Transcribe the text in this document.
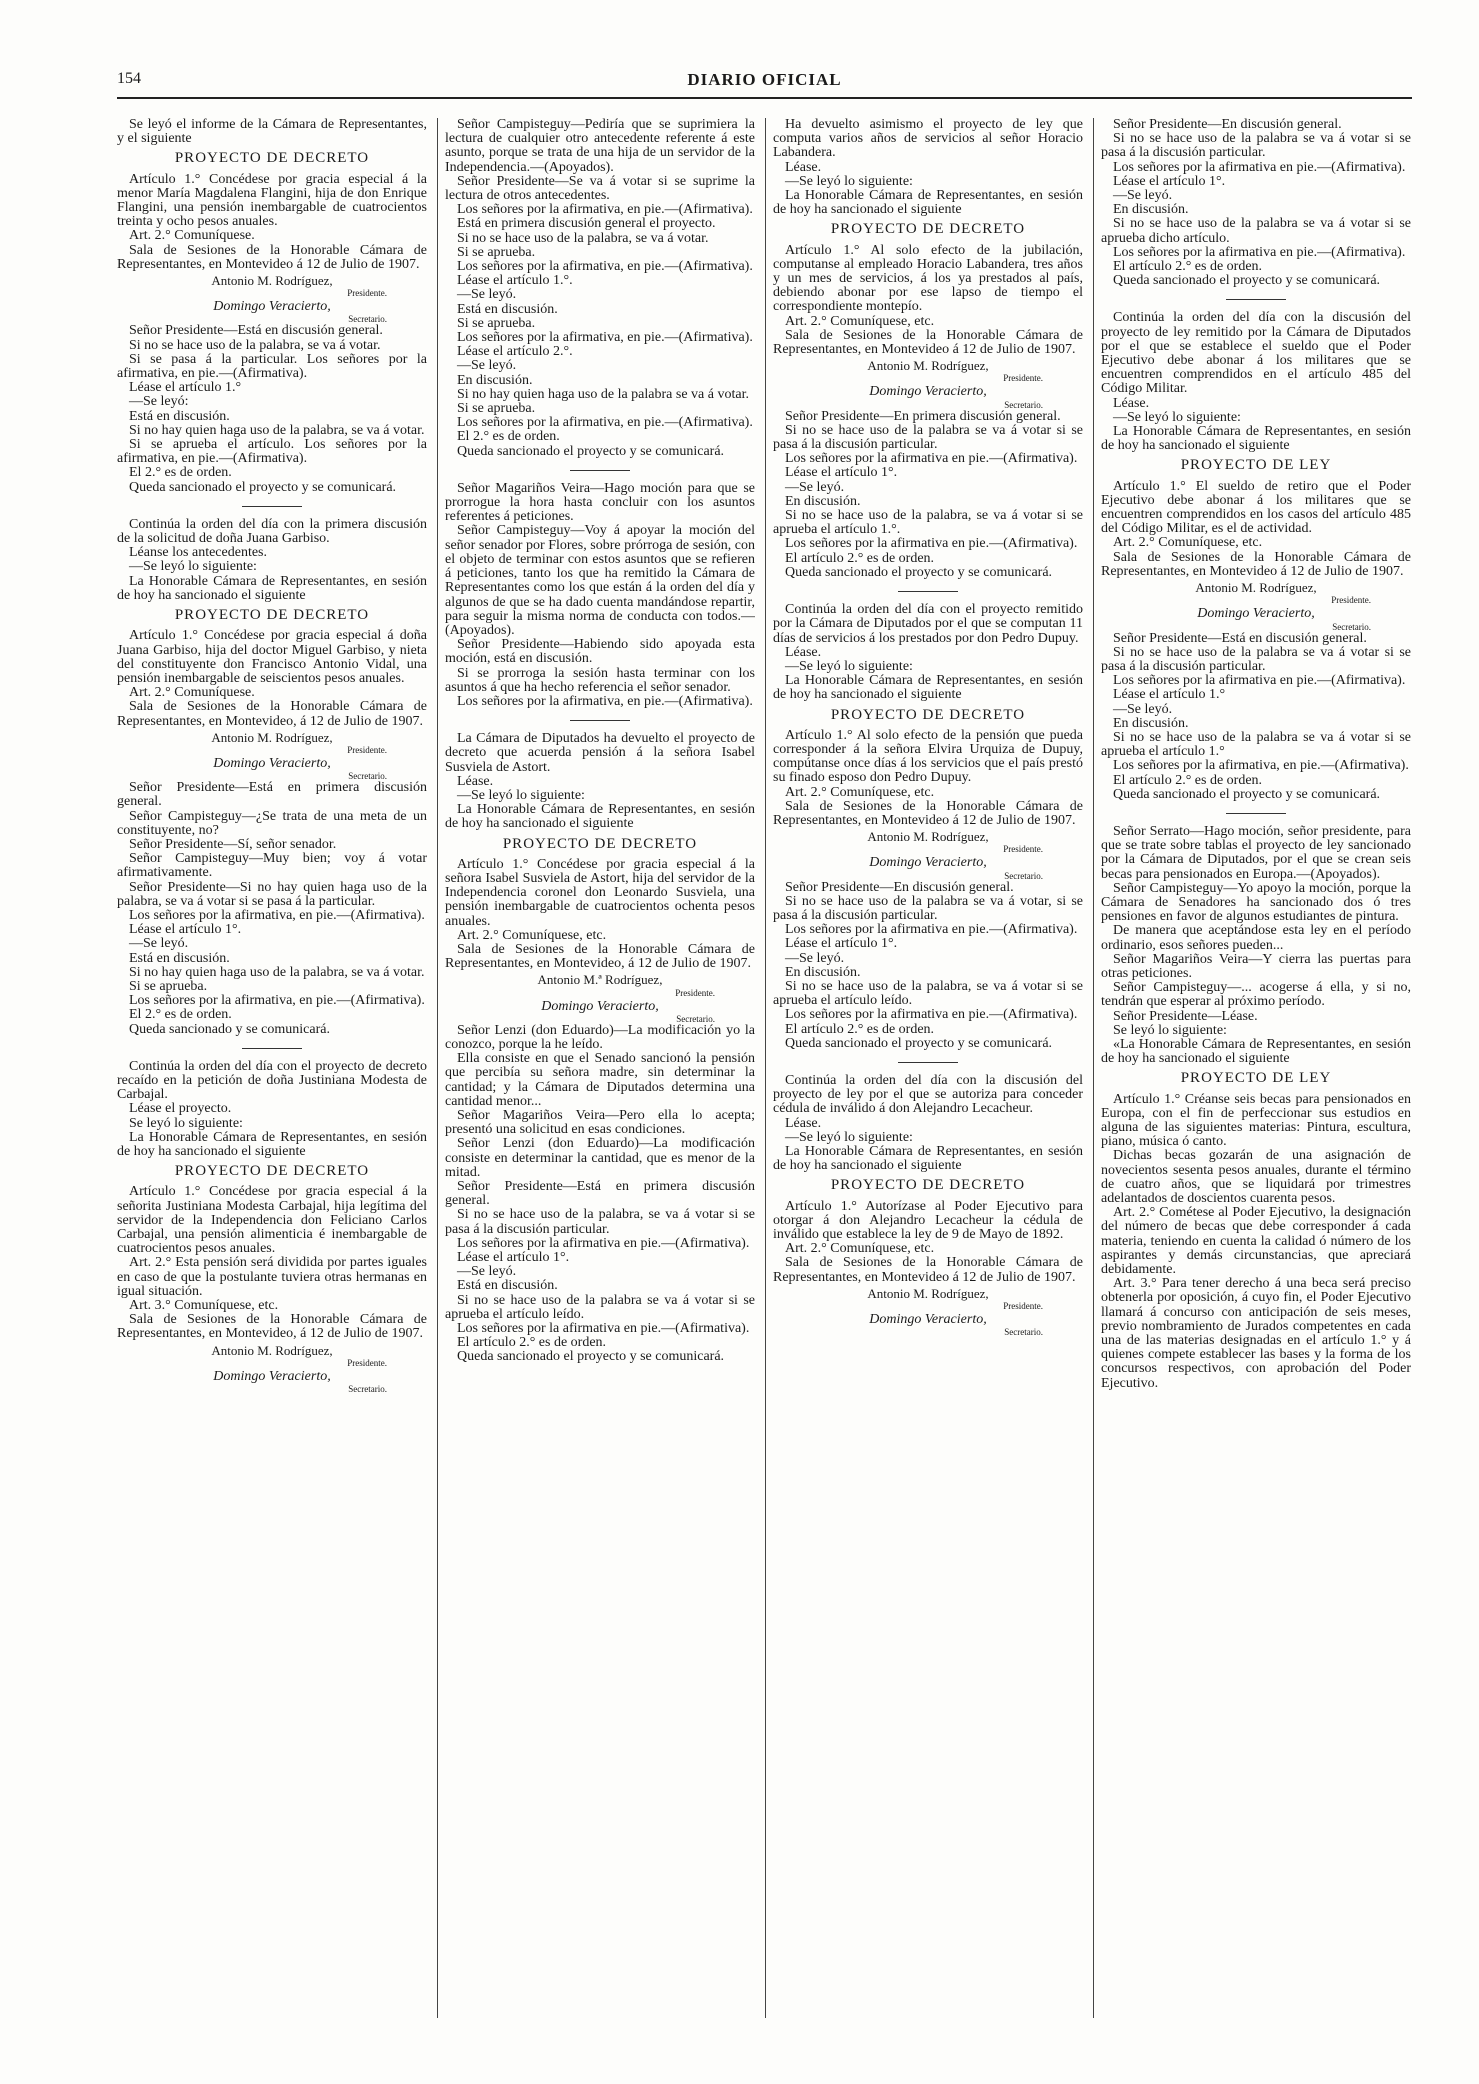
154	DIARIO OFICIAL

Se leyó el informe de la Cámara de Representantes, y el siguiente

PROYECTO DE DECRETO

Artículo 1.° Concédese por gracia especial á la menor María Magdalena Flangini, hija de don Enrique Flangini, una pensión inembargable de cuatrocientos treinta y ocho pesos anuales.

Art. 2.° Comuníquese.

Sala de Sesiones de la Honorable Cámara de Representantes, en Montevideo á 12 de Julio de 1907.

Antonio M. Rodríguez,
Presidente.
Domingo Veracierto,
Secretario.

Señor Presidente—Está en discusión general.

Si no se hace uso de la palabra, se va á votar.

Si se pasa á la particular. Los señores por la afirmativa, en pie.—(Afirmativa).

Léase el artículo 1.°

—Se leyó:

Está en discusión.

Si no hay quien haga uso de la palabra, se va á votar.

Si se aprueba el artículo. Los señores por la afirmativa, en pie.—(Afirmativa).

El 2.° es de orden.

Queda sancionado el proyecto y se comunicará.

Continúa la orden del día con la primera discusión de la solicitud de doña Juana Garbiso.

Léanse los antecedentes.

—Se leyó lo siguiente:

La Honorable Cámara de Representantes, en sesión de hoy ha sancionado el siguiente

PROYECTO DE DECRETO

Artículo 1.° Concédese por gracia especial á doña Juana Garbiso, hija del doctor Miguel Garbiso, y nieta del constituyente don Francisco Antonio Vidal, una pensión inembargable de seiscientos pesos anuales.

Art. 2.° Comuníquese.

Sala de Sesiones de la Honorable Cámara de Representantes, en Montevideo, á 12 de Julio de 1907.

Antonio M. Rodríguez,
Presidente.
Domingo Veracierto,
Secretario.

Señor Presidente—Está en primera discusión general.

Señor Campisteguy—¿Se trata de una meta de un constituyente, no?

Señor Presidente—Sí, señor senador.

Señor Campisteguy—Muy bien; voy á votar afirmativamente.

Señor Presidente—Si no hay quien haga uso de la palabra, se va á votar si se pasa á la particular.

Los señores por la afirmativa, en pie.—(Afirmativa).

Léase el artículo 1°.

—Se leyó.

Está en discusión.

Si no hay quien haga uso de la palabra, se va á votar.

Si se aprueba.

Los señores por la afirmativa, en pie.—(Afirmativa).

El 2.° es de orden.

Queda sancionado y se comunicará.

Continúa la orden del día con el proyecto de decreto recaído en la petición de doña Justiniana Modesta de Carbajal.

Léase el proyecto.

Se leyó lo siguiente:

La Honorable Cámara de Representantes, en sesión de hoy ha sancionado el siguiente

PROYECTO DE DECRETO

Artículo 1.° Concédese por gracia especial á la señorita Justiniana Modesta Carbajal, hija legítima del servidor de la Independencia don Feliciano Carlos Carbajal, una pensión alimenticia é inembargable de cuatrocientos pesos anuales.

Art. 2.° Esta pensión será dividida por partes iguales en caso de que la postulante tuviera otras hermanas en igual situación.

Art. 3.° Comuníquese, etc.

Sala de Sesiones de la Honorable Cámara de Representantes, en Montevideo, á 12 de Julio de 1907.

Antonio M. Rodríguez,
Presidente.
Domingo Veracierto,
Secretario.

Señor Campisteguy—Pediría que se suprimiera la lectura de cualquier otro antecedente referente á este asunto, porque se trata de una hija de un servidor de la Independencia.—(Apoyados).

Señor Presidente—Se va á votar si se suprime la lectura de otros antecedentes.

Los señores por la afirmativa, en pie.—(Afirmativa).

Está en primera discusión general el proyecto.

Si no se hace uso de la palabra, se va á votar.

Si se aprueba.

Los señores por la afirmativa, en pie.—(Afirmativa).

Léase el artículo 1.°.

—Se leyó.

Está en discusión.

Si se aprueba.

Los señores por la afirmativa, en pie.—(Afirmativa).

Léase el artículo 2.°.

—Se leyó.

En discusión.

Si no hay quien haga uso de la palabra se va á votar.

Si se aprueba.

Los señores por la afirmativa, en pie.—(Afirmativa).

El 2.° es de orden.

Queda sancionado el proyecto y se comunicará.

Señor Magariños Veira—Hago moción para que se prorrogue la hora hasta concluir con los asuntos referentes á peticiones.

Señor Campisteguy—Voy á apoyar la moción del señor senador por Flores, sobre prórroga de sesión, con el objeto de terminar con estos asuntos que se refieren á peticiones, tanto los que ha remitido la Cámara de Representantes como los que están á la orden del día y algunos de que se ha dado cuenta mandándose repartir, para seguir la misma norma de conducta con todos.—(Apoyados).

Señor Presidente—Habiendo sido apoyada esta moción, está en discusión.

Si se prorroga la sesión hasta terminar con los asuntos á que ha hecho referencia el señor senador.

Los señores por la afirmativa, en pie.—(Afirmativa).

La Cámara de Diputados ha devuelto el proyecto de decreto que acuerda pensión á la señora Isabel Susviela de Astort.

Léase.

—Se leyó lo siguiente:

La Honorable Cámara de Representantes, en sesión de hoy ha sancionado el siguiente

PROYECTO DE DECRETO

Artículo 1.° Concédese por gracia especial á la señora Isabel Susviela de Astort, hija del servidor de la Independencia coronel don Leonardo Susviela, una pensión inembargable de cuatrocientos ochenta pesos anuales.

Art. 2.° Comuníquese, etc.

Sala de Sesiones de la Honorable Cámara de Representantes, en Montevideo, á 12 de Julio de 1907.

Antonio M.ª Rodríguez,
Presidente.
Domingo Veracierto,
Secretario.

Señor Lenzi (don Eduardo)—La modificación yo la conozco, porque la he leído.

Ella consiste en que el Senado sancionó la pensión que percibía su señora madre, sin determinar la cantidad; y la Cámara de Diputados determina una cantidad menor...

Señor Magariños Veira—Pero ella lo acepta; presentó una solicitud en esas condiciones.

Señor Lenzi (don Eduardo)—La modificación consiste en determinar la cantidad, que es menor de la mitad.

Señor Presidente—Está en primera discusión general.

Si no se hace uso de la palabra, se va á votar si se pasa á la discusión particular.

Los señores por la afirmativa en pie.—(Afirmativa).

Léase el artículo 1°.

—Se leyó.

Está en discusión.

Si no se hace uso de la palabra se va á votar si se aprueba el artículo leído.

Los señores por la afirmativa en pie.—(Afirmativa).

El artículo 2.° es de orden.

Queda sancionado el proyecto y se comunicará.

Ha devuelto asimismo el proyecto de ley que computa varios años de servicios al señor Horacio Labandera.

Léase.

—Se leyó lo siguiente:

La Honorable Cámara de Representantes, en sesión de hoy ha sancionado el siguiente

PROYECTO DE DECRETO

Artículo 1.° Al solo efecto de la jubilación, computanse al empleado Horacio Labandera, tres años y un mes de servicios, á los ya prestados al país, debiendo abonar por ese lapso de tiempo el correspondiente montepío.

Art. 2.° Comuníquese, etc.

Sala de Sesiones de la Honorable Cámara de Representantes, en Montevideo á 12 de Julio de 1907.

Antonio M. Rodríguez,
Presidente.
Domingo Veracierto,
Secretario.

Señor Presidente—En primera discusión general.

Si no se hace uso de la palabra se va á votar si se pasa á la discusión particular.

Los señores por la afirmativa en pie.—(Afirmativa).

Léase el artículo 1°.

—Se leyó.

En discusión.

Si no se hace uso de la palabra, se va á votar si se aprueba el artículo 1.°.

Los señores por la afirmativa en pie.—(Afirmativa).

El artículo 2.° es de orden.

Queda sancionado el proyecto y se comunicará.

Continúa la orden del día con el proyecto remitido por la Cámara de Diputados por el que se computan 11 días de servicios á los prestados por don Pedro Dupuy.

Léase.

—Se leyó lo siguiente:

La Honorable Cámara de Representantes, en sesión de hoy ha sancionado el siguiente

PROYECTO DE DECRETO

Artículo 1.° Al solo efecto de la pensión que pueda corresponder á la señora Elvira Urquiza de Dupuy, compútanse once días á los servicios que el país prestó su finado esposo don Pedro Dupuy.

Art. 2.° Comuníquese, etc.

Sala de Sesiones de la Honorable Cámara de Representantes, en Montevideo á 12 de Julio de 1907.

Antonio M. Rodríguez,
Presidente.
Domingo Veracierto,
Secretario.

Señor Presidente—En discusión general.

Si no se hace uso de la palabra se va á votar, si se pasa á la discusión particular.

Los señores por la afirmativa en pie.—(Afirmativa).

Léase el artículo 1°.

—Se leyó.

En discusión.

Si no se hace uso de la palabra, se va á votar si se aprueba el artículo leído.

Los señores por la afirmativa en pie.—(Afirmativa).

El artículo 2.° es de orden.

Queda sancionado el proyecto y se comunicará.

Continúa la orden del día con la discusión del proyecto de ley por el que se autoriza para conceder cédula de inválido á don Alejandro Lecacheur.

Léase.

—Se leyó lo siguiente:

La Honorable Cámara de Representantes, en sesión de hoy ha sancionado el siguiente

PROYECTO DE DECRETO

Artículo 1.° Autorízase al Poder Ejecutivo para otorgar á don Alejandro Lecacheur la cédula de inválido que establece la ley de 9 de Mayo de 1892.

Art. 2.° Comuníquese, etc.

Sala de Sesiones de la Honorable Cámara de Representantes, en Montevideo á 12 de Julio de 1907.

Antonio M. Rodríguez,
Presidente.
Domingo Veracierto,
Secretario.

Señor Presidente—En discusión general.

Si no se hace uso de la palabra se va á votar si se pasa á la discusión particular.

Los señores por la afirmativa en pie.—(Afirmativa).

Léase el artículo 1°.

—Se leyó.

En discusión.

Si no se hace uso de la palabra se va á votar si se aprueba dicho artículo.

Los señores por la afirmativa en pie.—(Afirmativa).

El artículo 2.° es de orden.

Queda sancionado el proyecto y se comunicará.

Continúa la orden del día con la discusión del proyecto de ley remitido por la Cámara de Diputados por el que se establece el sueldo que el Poder Ejecutivo debe abonar á los militares que se encuentren comprendidos en el artículo 485 del Código Militar.

Léase.

—Se leyó lo siguiente:

La Honorable Cámara de Representantes, en sesión de hoy ha sancionado el siguiente

PROYECTO DE LEY

Artículo 1.° El sueldo de retiro que el Poder Ejecutivo debe abonar á los militares que se encuentren comprendidos en los casos del artículo 485 del Código Militar, es el de actividad.

Art. 2.° Comuníquese, etc.

Sala de Sesiones de la Honorable Cámara de Representantes, en Montevideo á 12 de Julio de 1907.

Antonio M. Rodríguez,
Presidente.
Domingo Veracierto,
Secretario.

Señor Presidente—Está en discusión general.

Si no se hace uso de la palabra se va á votar si se pasa á la discusión particular.

Los señores por la afirmativa en pie.—(Afirmativa).

Léase el artículo 1.°

—Se leyó.

En discusión.

Si no se hace uso de la palabra se va á votar si se aprueba el artículo 1.°

Los señores por la afirmativa, en pie.—(Afirmativa).

El artículo 2.° es de orden.

Queda sancionado el proyecto y se comunicará.

Señor Serrato—Hago moción, señor presidente, para que se trate sobre tablas el proyecto de ley sancionado por la Cámara de Diputados, por el que se crean seis becas para pensionados en Europa.—(Apoyados).

Señor Campisteguy—Yo apoyo la moción, porque la Cámara de Senadores ha sancionado dos ó tres pensiones en favor de algunos estudiantes de pintura.

De manera que aceptándose esta ley en el período ordinario, esos señores pueden...

Señor Magariños Veira—Y cierra las puertas para otras peticiones.

Señor Campisteguy—... acogerse á ella, y si no, tendrán que esperar al próximo período.

Señor Presidente—Léase.

Se leyó lo siguiente:

«La Honorable Cámara de Representantes, en sesión de hoy ha sancionado el siguiente

PROYECTO DE LEY

Artículo 1.° Créanse seis becas para pensionados en Europa, con el fin de perfeccionar sus estudios en alguna de las siguientes materias: Pintura, escultura, piano, música ó canto.

Dichas becas gozarán de una asignación de novecientos sesenta pesos anuales, durante el término de cuatro años, que se liquidará por trimestres adelantados de doscientos cuarenta pesos.

Art. 2.° Cométese al Poder Ejecutivo, la designación del número de becas que debe corresponder á cada materia, teniendo en cuenta la calidad ó número de los aspirantes y demás circunstancias, que apreciará debidamente.

Art. 3.° Para tener derecho á una beca será preciso obtenerla por oposición, á cuyo fin, el Poder Ejecutivo llamará á concurso con anticipación de seis meses, previo nombramiento de Jurados competentes en cada una de las materias designadas en el artículo 1.° y á quienes compete establecer las bases y la forma de los concursos respectivos, con aprobación del Poder Ejecutivo.
